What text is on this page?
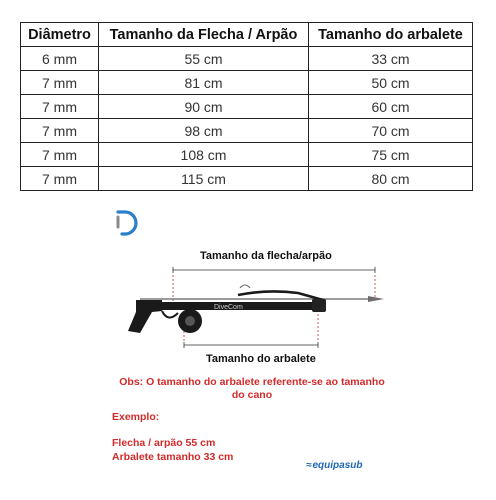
Diâmetro	Tamanho da Flecha / Arpão	Tamanho do arbalete
6 mm	55 cm	33 cm
7 mm	81 cm	50 cm
7 mm	90 cm	60 cm
7 mm	98 cm	70 cm
7 mm	108 cm	75 cm
7 mm	115 cm	80 cm
DiveCom
Tamanho da flecha/arpão
Tamanho do arbalete
Obs: O tamanho do arbalete referente-se ao tamanho do cano
Exemplo:
Flecha / arpão 55 cm
Arbalete tamanho 33 cm
≈equipasub
